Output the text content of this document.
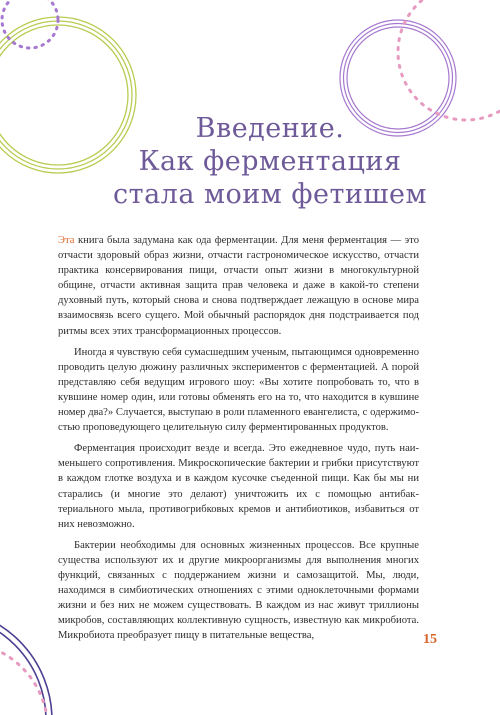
Введение.
Как ферментация
стала моим фетишем

Эта книга была задумана как ода ферментации. Для меня ферментация — это отчасти здоровый образ жизни, отчасти гастрономическое искусство, отчасти практика консервирования пищи, отчасти опыт жизни в многокультурной общине, отчасти активная защита прав человека и даже в какой-то степени духовный путь, который снова и снова подтверждает лежащую в основе мира взаимосвязь всего сущего. Мой обычный распорядок дня подстраивается под ритмы всех этих трансформационных процессов.

Иногда я чувствую себя сумасшедшим ученым, пытающимся одновременно проводить целую дюжину различных экспериментов с ферментацией. А порой представляю себя ведущим игрового шоу: «Вы хотите попробовать то, что в кувшине номер один, или готовы обменять его на то, что находится в кувшине номер два?» Случается, выступаю в роли пламенного евангелиста, с одержимостью проповедующего целительную силу ферментированных продуктов.

Ферментация происходит везде и всегда. Это ежедневное чудо, путь наименьшего сопротивления. Микроскопические бактерии и грибки присутствуют в каждом глотке воздуха и в каждом кусочке съеденной пищи. Как бы мы ни старались (и многие это делают) уничтожить их с помощью антибактериального мыла, противогрибковых кремов и антибиотиков, избавиться от них невозможно.

Бактерии необходимы для основных жизненных процессов. Все крупные существа используют их и другие микроорганизмы для выполнения многих функций, связанных с поддержанием жизни и самозащитой. Мы, люди, находимся в симбиотических отношениях с этими одноклеточными формами жизни и без них не можем существовать. В каждом из нас живут триллионы микробов, составляющих коллективную сущность, известную как микробиота. Микробиота преобразует пищу в питательные вещества,	15
